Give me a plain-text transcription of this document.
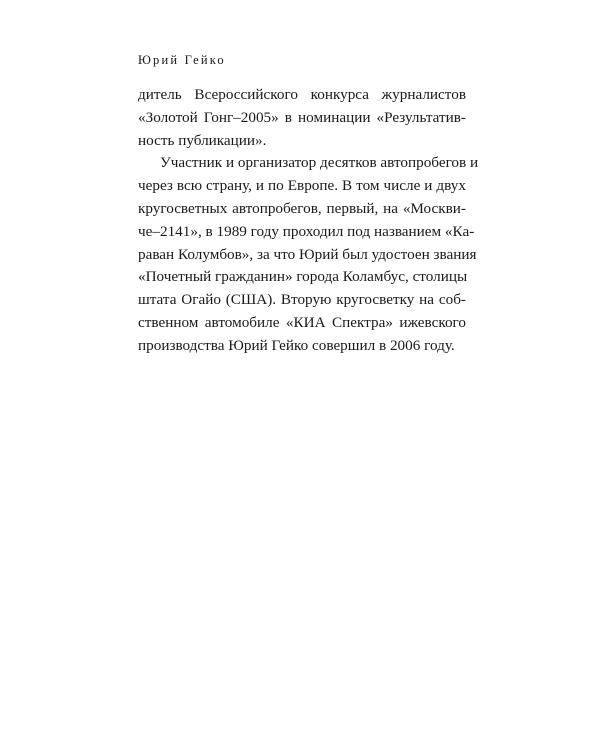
Юрий Гейко
дитель Всероссийского конкурса журналистов
«Золотой Гонг–2005» в номинации «Результатив-
ность публикации».
Участник и организатор десятков автопробегов и
через всю страну, и по Европе. В том числе и двух
кругосветных автопробегов, первый, на «Москви-
че–2141», в 1989 году проходил под названием «Ка-
раван Колумбов», за что Юрий был удостоен звания
«Почетный гражданин» города Коламбус, столицы
штата Огайо (США). Вторую кругосветку на соб-
ственном автомобиле «КИА Спектра» ижевского
производства Юрий Гейко совершил в 2006 году.
